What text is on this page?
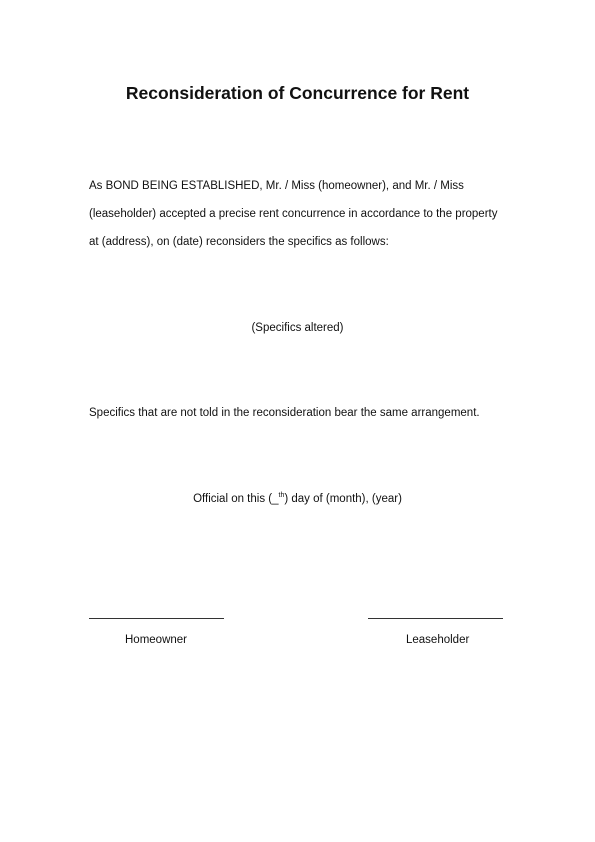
Reconsideration of Concurrence for Rent
As BOND BEING ESTABLISHED, Mr. / Miss (homeowner), and Mr. / Miss
(leaseholder) accepted a precise rent concurrence in accordance to the property
at (address), on (date) reconsiders the specifics as follows:
(Specifics altered)
Specifics that are not told in the reconsideration bear the same arrangement.
Official on this (_$^{th}$) day of (month), (year)
Homeowner	Leaseholder
